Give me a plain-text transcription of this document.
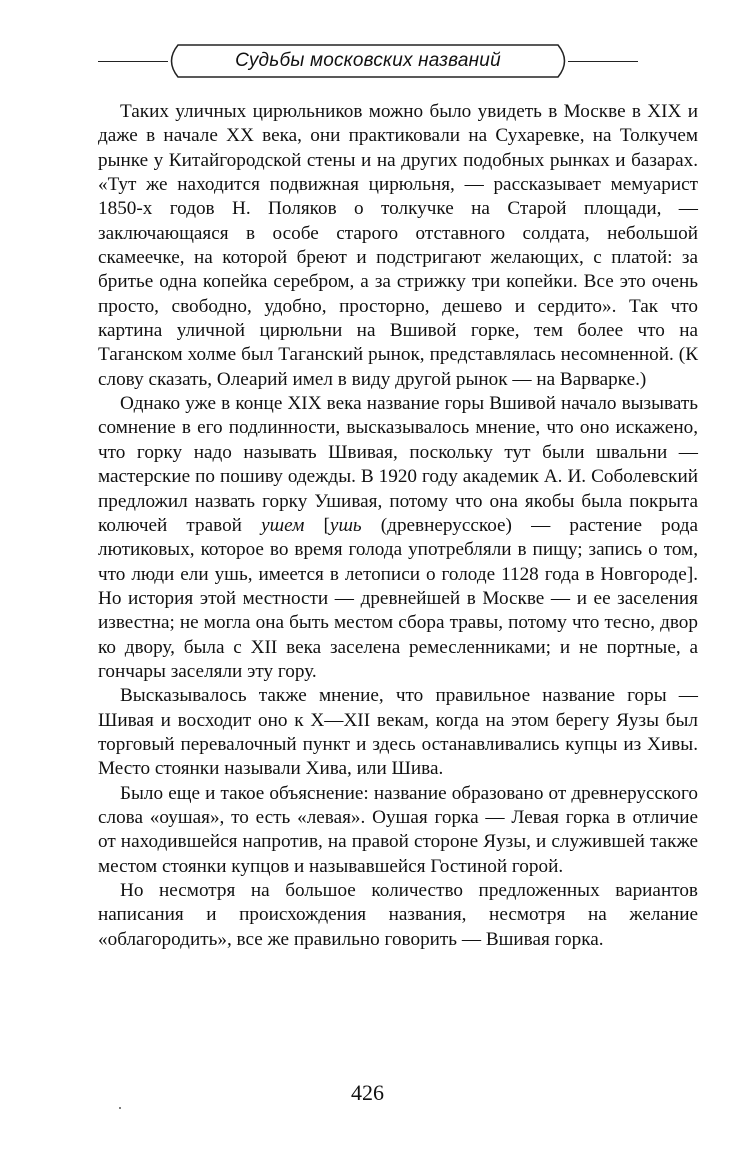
Судьбы московских названий

Таких уличных цирюльников можно было увидеть в Москве в XIX и даже в начале XX века, они практиковали на Сухаревке, на Толкучем рынке у Китайгородской стены и на других подобных рынках и базарах. «Тут же находится подвижная цирюльня, — рассказывает мемуарист 1850-х годов Н. Поляков о толкучке на Старой площади, — заключающаяся в особе старого отставного солдата, небольшой скамеечке, на которой бреют и подстригают желающих, с платой: за бритье одна копейка серебром, а за стрижку три копейки. Все это очень просто, свободно, удобно, просторно, дешево и сердито». Так что картина уличной цирюльни на Вшивой горке, тем более что на Таганском холме был Таганский рынок, представлялась несомненной. (К слову сказать, Олеарий имел в виду другой рынок — на Варварке.)

Однако уже в конце XIX века название горы Вшивой начало вызывать сомнение в его подлинности, высказывалось мнение, что оно искажено, что горку надо называть Швивая, поскольку тут были швальни — мастерские по пошиву одежды. В 1920 году академик А. И. Соболевский предложил назвать горку Ушивая, потому что она якобы была покрыта колючей травой ушем [ушь (древнерусское) — растение рода лютиковых, которое во время голода употребляли в пищу; запись о том, что люди ели ушь, имеется в летописи о голоде 1128 года в Новгороде]. Но история этой местности — древнейшей в Москве — и ее заселения известна; не могла она быть местом сбора травы, потому что тесно, двор ко двору, была с XII века заселена ремесленниками; и не портные, а гончары заселяли эту гору.

Высказывалось также мнение, что правильное название горы — Шивая и восходит оно к X—XII векам, когда на этом берегу Яузы был торговый перевалочный пункт и здесь останавливались купцы из Хивы. Место стоянки называли Хива, или Шива.

Было еще и такое объяснение: название образовано от древнерусского слова «оушая», то есть «левая». Оушая горка — Левая горка в отличие от находившейся напротив, на правой стороне Яузы, и служившей также местом стоянки купцов и называвшейся Гостиной горой.

Но несмотря на большое количество предложенных вариантов написания и происхождения названия, несмотря на желание «облагородить», все же правильно говорить — Вшивая горка.

426
